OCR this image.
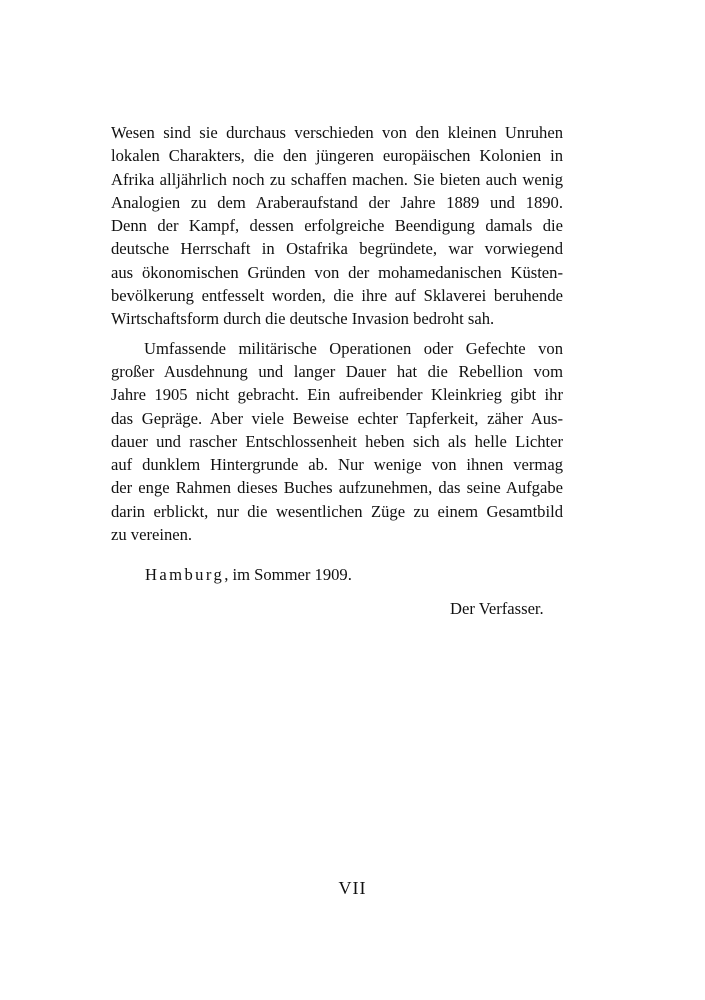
Wesen sind sie durchaus verschieden von den kleinen Unruhen
lokalen Charakters, die den jüngeren europäischen Kolonien in
Afrika alljährlich noch zu schaffen machen. Sie bieten auch wenig
Analogien zu dem Araberaufstand der Jahre 1889 und 1890.
Denn der Kampf, dessen erfolgreiche Beendigung damals die
deutsche Herrschaft in Ostafrika begründete, war vorwiegend
aus ökonomischen Gründen von der mohamedanischen Küsten-
bevölkerung entfesselt worden, die ihre auf Sklaverei beruhende
Wirtschaftsform durch die deutsche Invasion bedroht sah.
Umfassende militärische Operationen oder Gefechte von
großer Ausdehnung und langer Dauer hat die Rebellion vom
Jahre 1905 nicht gebracht. Ein aufreibender Kleinkrieg gibt ihr
das Gepräge. Aber viele Beweise echter Tapferkeit, zäher Aus-
dauer und rascher Entschlossenheit heben sich als helle Lichter
auf dunklem Hintergrunde ab. Nur wenige von ihnen vermag
der enge Rahmen dieses Buches aufzunehmen, das seine Aufgabe
darin erblickt, nur die wesentlichen Züge zu einem Gesamtbild
zu vereinen.
Hamburg, im Sommer 1909.
Der Verfasser.
VII
